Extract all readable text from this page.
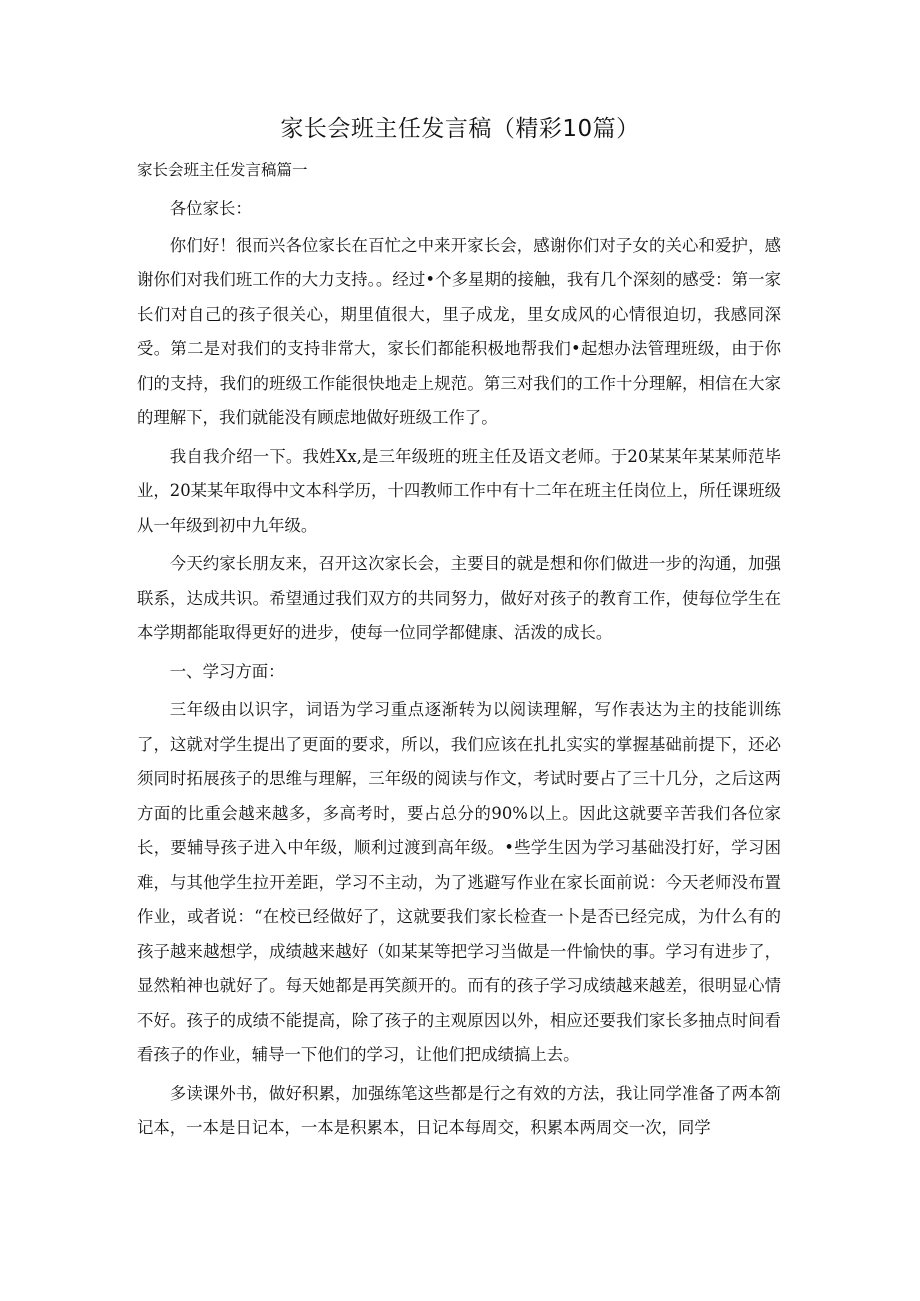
家长会班主任发言稿（精彩10篇）
家长会班主任发言稿篇一

各位家长：

你们好！很而兴各位家长在百忙之中来开家长会，感谢你们对子女的关心和爱护，感谢你们对我们班工作的大力支持。。经过•个多星期的接触，我有几个深刻的感受：第一家长们对自己的孩子很关心，期里值很大，里子成龙，里女成风的心情很迫切，我感同深受。第二是对我们的支持非常大，家长们都能积极地帮我们•起想办法管理班级，由于你们的支持，我们的班级工作能很快地走上规范。第三对我们的工作十分理解，相信在大家的理解下，我们就能没有顾虑地做好班级工作了。

我自我介绍一下。我姓Xx,是三年级班的班主任及语文老师。于20某某年某某师范毕业，20某某年取得中文本科学历，十四教师工作中有十二年在班主任岗位上，所任课班级从一年级到初中九年级。

今天约家长朋友来，召开这次家长会，主要目的就是想和你们做进一步的沟通，加强联系，达成共识。希望通过我们双方的共同努力，做好对孩子的教育工作，使每位学生在本学期都能取得更好的进步，使每一位同学都健康、活泼的成长。

一、学习方面：

三年级由以识字，词语为学习重点逐渐转为以阅读理解，写作表达为主的技能训练了，这就对学生提出了更面的要求，所以，我们应该在扎扎实实的掌握基础前提下，还必须同时拓展孩子的思维与理解，三年级的阅读与作文，考试时要占了三十几分，之后这两方面的比重会越来越多，多高考时，要占总分的90%以上。因此这就要辛苦我们各位家长，要辅导孩子进入中年级，顺利过渡到高年级。•些学生因为学习基础没打好，学习困难，与其他学生拉开差距，学习不主动，为了逃避写作业在家长面前说：今天老师没布置作业，或者说：“在校已经做好了，这就要我们家长检查一卜是否已经完成，为什么有的孩子越来越想学，成绩越来越好（如某某等把学习当做是一件愉快的事。学习有进步了，显然粕神也就好了。每天她都是再笑颜开的。而有的孩子学习成绩越来越差，很明显心情不好。孩子的成绩不能提高，除了孩子的主观原因以外，相应还要我们家长多抽点时间看看孩子的作业，辅导一下他们的学习，让他们把成绩搞上去。

多读课外书，做好积累，加强练笔这些都是行之有效的方法，我让同学准备了两本箚记本，一本是日记本，一本是积累本，日记本每周交，积累本两周交一次，同学
